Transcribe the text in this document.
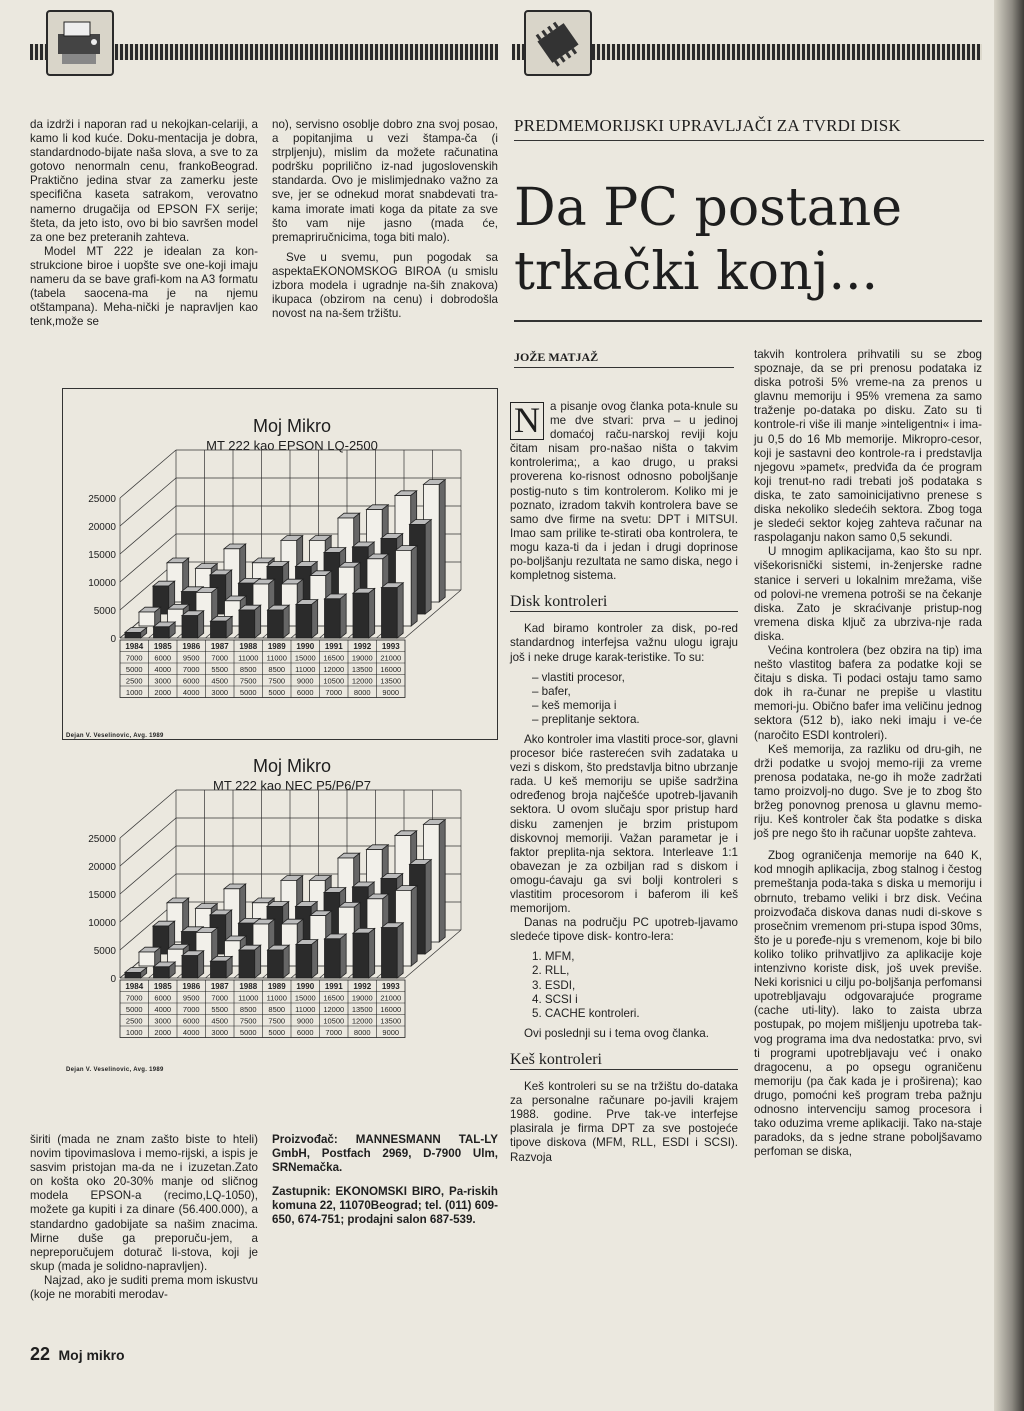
da izdrži i naporan rad u nekojkan-celariji, a kamo li kod kuće. Doku-mentacija je dobra, standardnodo-bijate naša slova, a sve to za gotovo nenormaln cenu, frankoBeograd. Praktično jedina stvar za zamerku jeste specifična kaseta satrakom, verovatno namerno drugačija od EPSON FX serije; šteta, da jeto isto, ovo bi bio savršen model za one bez preteranih zahteva.

Model MT 222 je idealan za kon-strukcione biroe i uopšte sve one-koji imaju nameru da se bave grafi-kom na A3 formatu (tabela saocena-ma je na njemu otštampana). Meha-nički je napravljen kao tenk,može se

no), servisno osoblje dobro zna svoj posao, a popitanjima u vezi štampa-ča (i strpljenju), mislim da možete računatina podršku popriličnо iz-nad jugoslovenskih standarda. Ovo je mislimjednako važno za sve, jer se odnekud morat snabdevati tra-kama imorate imati koga da pitate za sve što vam nije jasno (mada će, premapriručnicima, toga biti malo).

Sve u svemu, pun pogodak sa aspektaEKONOMSKOG BIROA (u smislu izbora modela i ugradnje na-ših znakova) ikupaca (obzirom na cenu) i dobrodošla novost na na-šem tržištu.

PREDMEMORIJSKI UPRAVLJAČI ZA TVRDI DISK
Da PC postane
trkački konj...
JOŽE MATJAŽ

N a pisanje ovog članka pota-knule su me dve stvari: prva – u jedinoj domaćoj raču-narskoj reviji koju čitam nisam pro-našao ništa o takvim kontrolerima;, a kao drugo, u praksi proverena ko-risnost odnosno poboljšanje postig-nuto s tim kontrolerom. Koliko mi je poznato, izradom takvih kontrolera bave se samo dve firme na svetu: DPT i MITSUI. Imao sam prilike te-stirati oba kontrolera, te mogu kaza-ti da i jedan i drugi doprinose po-boljšanju rezultata ne samo diska, nego i kompletnog sistema.

Disk kontroleri

Kad biramo kontroler za disk, po-red standardnog interfejsa važnu ulogu igraju još i neke druge karak-teristike. To su:

– vlastiti procesor,
– bafer,
– keš memorija i
– preplitanje sektora.

Ako kontroler ima vlastiti proce-sor, glavni procesor biće rasterećen svih zadataka u vezi s diskom, što predstavlja bitno ubrzanje rada. U keš memoriju se upiše sadržina određenog broja najčešće upotreb-ljavanih sektora. U ovom slučaju spor pristup hard disku zamenjen je brzim pristupom diskovnoj memoriji. Važan parametar je i faktor preplita-nja sektora. Interleave 1:1 obavezan je za ozbiljan rad s diskom i omogu-ćavaju ga svi bolji kontroleri s vlastitim procesorom i baferom ili keš memorijom.

Danas na području PC upotreb-ljavamo sledeće tipove disk- kontro-lera:

1. MFM,
2. RLL,
3. ESDI,
4. SCSI i
5. CACHE kontroleri.

Ovi poslednji su i tema ovog članka.

Keš kontroleri

Keš kontroleri su se na tržištu do-dataka za personalne računare po-javili krajem 1988. godine. Prve tak-ve interfejse plasirala je firma DPT za sve postojeće tipove diskova (MFM, RLL, ESDI i SCSI). Razvoja

takvih kontrolera prihvatili su se zbog spoznaje, da se pri prenosu podataka iz diska potroši 5% vreme-na za prenos u glavnu memoriju i 95% vremena za samo traženje po-dataka po disku. Zato su ti kontrole-ri više ili manje »inteligentni« i ima-ju 0,5 do 16 Mb memorije. Mikropro-cesor, koji je sastavni deo kontrole-ra i predstavlja njegovu »pamet«, predviđa da će program koji trenut-no radi trebati još podataka s diska, te zato samoinicijativno prenese s diska nekoliko sledećih sektora. Zbog toga je sledeći sektor kojeg zahteva računar na raspolaganju nakon samo 0,5 sekundi.

U mnogim aplikacijama, kao što su npr. višekorisnički sistemi, in-ženjerske radne stanice i serveri u lokalnim mrežama, više od polovi-ne vremena potroši se na čekanje diska. Zato je skraćivanje pristup-nog vremena diska ključ za ubrziva-nje rada diska.

Većina kontrolera (bez obzira na tip) ima nešto vlastitog bafera za podatke koji se čitaju s diska. Ti podaci ostaju tamo samo dok ih ra-čunar ne prepiše u vlastitu memori-ju. Obično bafer ima veličinu jednog sektora (512 b), iako neki imaju i ve-će (naročito ESDI kontroleri).

Keš memorija, za razliku od dru-gih, ne drži podatke u svojoj memo-riji za vreme prenosa podataka, ne-go ih može zadržati tamo proizvolj-no dugo. Sve je to zbog što bržeg ponovnog prenosa u glavnu memo-riju. Keš kontroler čak šta podatke s diska još pre nego što ih računar uopšte zahteva.

Zbog ograničenja memorije na 640 K, kod mnogih aplikacija, zbog stalnog i čestog premeštanja poda-taka s diska u memoriju i obrnuto, trebamo veliki i brz disk. Većina proizvođača diskova danas nudi di-skove s prosečnim vremenom pri-stupa ispod 30ms, što je u poređe-nju s vremenom, koje bi bilo koliko toliko prihvatljivo za aplikacije koje intenzivno koriste disk, još uvek previše. Neki korisnici u cilju po-boljšanja perfomansi upotrebljavaju odgovarajuće programe (cache uti-lity). lako to zaista ubrza postupak, po mojem mišljenju upotreba tak-vog programa ima dva nedostatka: prvo, svi ti programi upotrebljavaju već i onako dragocenu, a po opsegu ograničenu memoriju (pa čak kada je i proširena); kao drugo, pomoćni keš program treba pažnju odnosno intervenciju samog procesora i tako oduzima vreme aplikaciji. Tako na-staje paradoks, da s jedne strane poboljšavamo perfoman se diska,

Moj Mikro
MT 222 kao EPSON LQ-2500
25000
20000
15000
10000
5000
0
1984 1985 1986 1987 1988 1989 1990 1991 1992 1993
7000 6000 9500 7000 11000 11000 15000 16500 19000 21000
5000 4000 7000 5500 8500 8500 11000 12000 13500 16000
2500 3000 6000 4500 7500 7500 9000 10500 12000 13500
1000 2000 4000 3000 5000 5000 6000 7000 8000 9000
Dejan V. Veselinovic, Avg. 1989
Moj Mikro
MT 222 kao NEC P5/P6/P7
25000
20000
15000
10000
5000
0
1984 1985 1986 1987 1988 1989 1990 1991 1992 1993
7000 6000 9500 7000 11000 11000 15000 16500 19000 21000
5000 4000 7000 5500 8500 8500 11000 12000 13500 16000
2500 3000 6000 4500 7500 7500 9000 10500 12000 13500
1000 2000 4000 3000 5000 5000 6000 7000 8000 9000
Dejan V. Veselinovic, Avg. 1989

širiti (mada ne znam zašto biste to hteli) novim tipovimaslova i memo-rijski, a ispis je sasvim pristojan ma-da ne i izuzetan.Zato on košta oko 20-30% manje od sličnog modela EPSON-a (recimo,LQ-1050), možete ga kupiti i za dinare (56.400.000), a standardno gadobijate sa našim znacima. Mirne duše ga preporuču-jem, a nepreporučujem doturač li-stova, koji je skup (mada je solidno-napravljen).

Najzad, ako je suditi prema mom iskustvu (koje ne morabiti merodav-

Proizvođač: MANNESMANN TAL-LY GmbH, Postfach 2969, D-7900 Ulm, SRNemačka.

Zastupnik: EKONOMSKI BIRO, Pa-riskih komuna 22, 11070Beograd; tel. (011) 609-650, 674-751; prodajni salon 687-539.

22 Moj mikro
